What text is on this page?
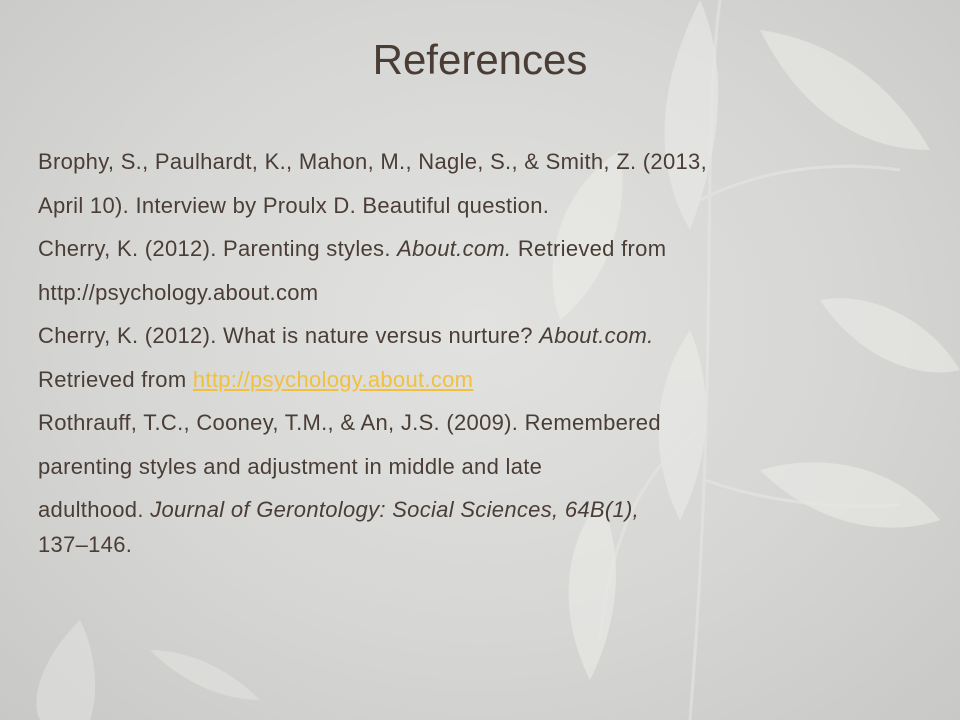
References

Brophy, S., Paulhardt, K., Mahon, M., Nagle, S., & Smith, Z. (2013,
April 10). Interview by Proulx D. Beautiful question.

Cherry, K. (2012). Parenting styles. About.com. Retrieved from
http://psychology.about.com

Cherry, K. (2012). What is nature versus nurture? About.com.
Retrieved from http://psychology.about.com

Rothrauff, T.C., Cooney, T.M., & An, J.S. (2009). Remembered
parenting styles and adjustment in middle and late
adulthood. Journal of Gerontology: Social Sciences, 64B(1),
137–146.
